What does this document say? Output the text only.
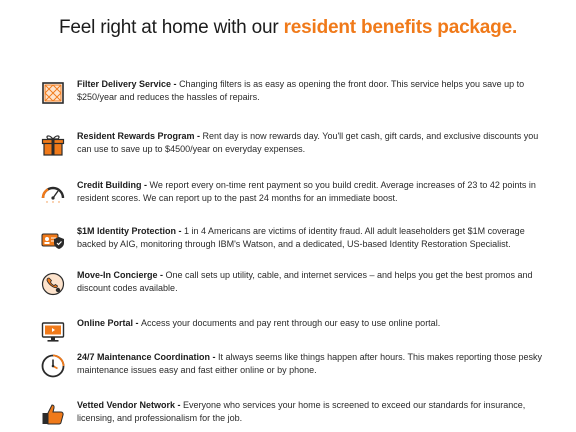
Feel right at home with our resident benefits package.
Filter Delivery Service - Changing filters is as easy as opening the front door. This service helps you save up to $250/year and reduces the hassles of repairs.
Resident Rewards Program - Rent day is now rewards day. You'll get cash, gift cards, and exclusive discounts you can use to save up to $4500/year on everyday expenses.
Credit Building - We report every on-time rent payment so you build credit. Average increases of 23 to 42 points in resident scores. We can report up to the past 24 months for an immediate boost.
$1M Identity Protection - 1 in 4 Americans are victims of identity fraud. All adult leaseholders get $1M coverage backed by AIG, monitoring through IBM's Watson, and a dedicated, US-based Identity Restoration Specialist.
Move-In Concierge - One call sets up utility, cable, and internet services – and helps you get the best promos and discount codes available.
Online Portal - Access your documents and pay rent through our easy to use online portal.
24/7 Maintenance Coordination - It always seems like things happen after hours. This makes reporting those pesky maintenance issues easy and fast either online or by phone.
Vetted Vendor Network - Everyone who services your home is screened to exceed our standards for insurance, licensing, and professionalism for the job.
